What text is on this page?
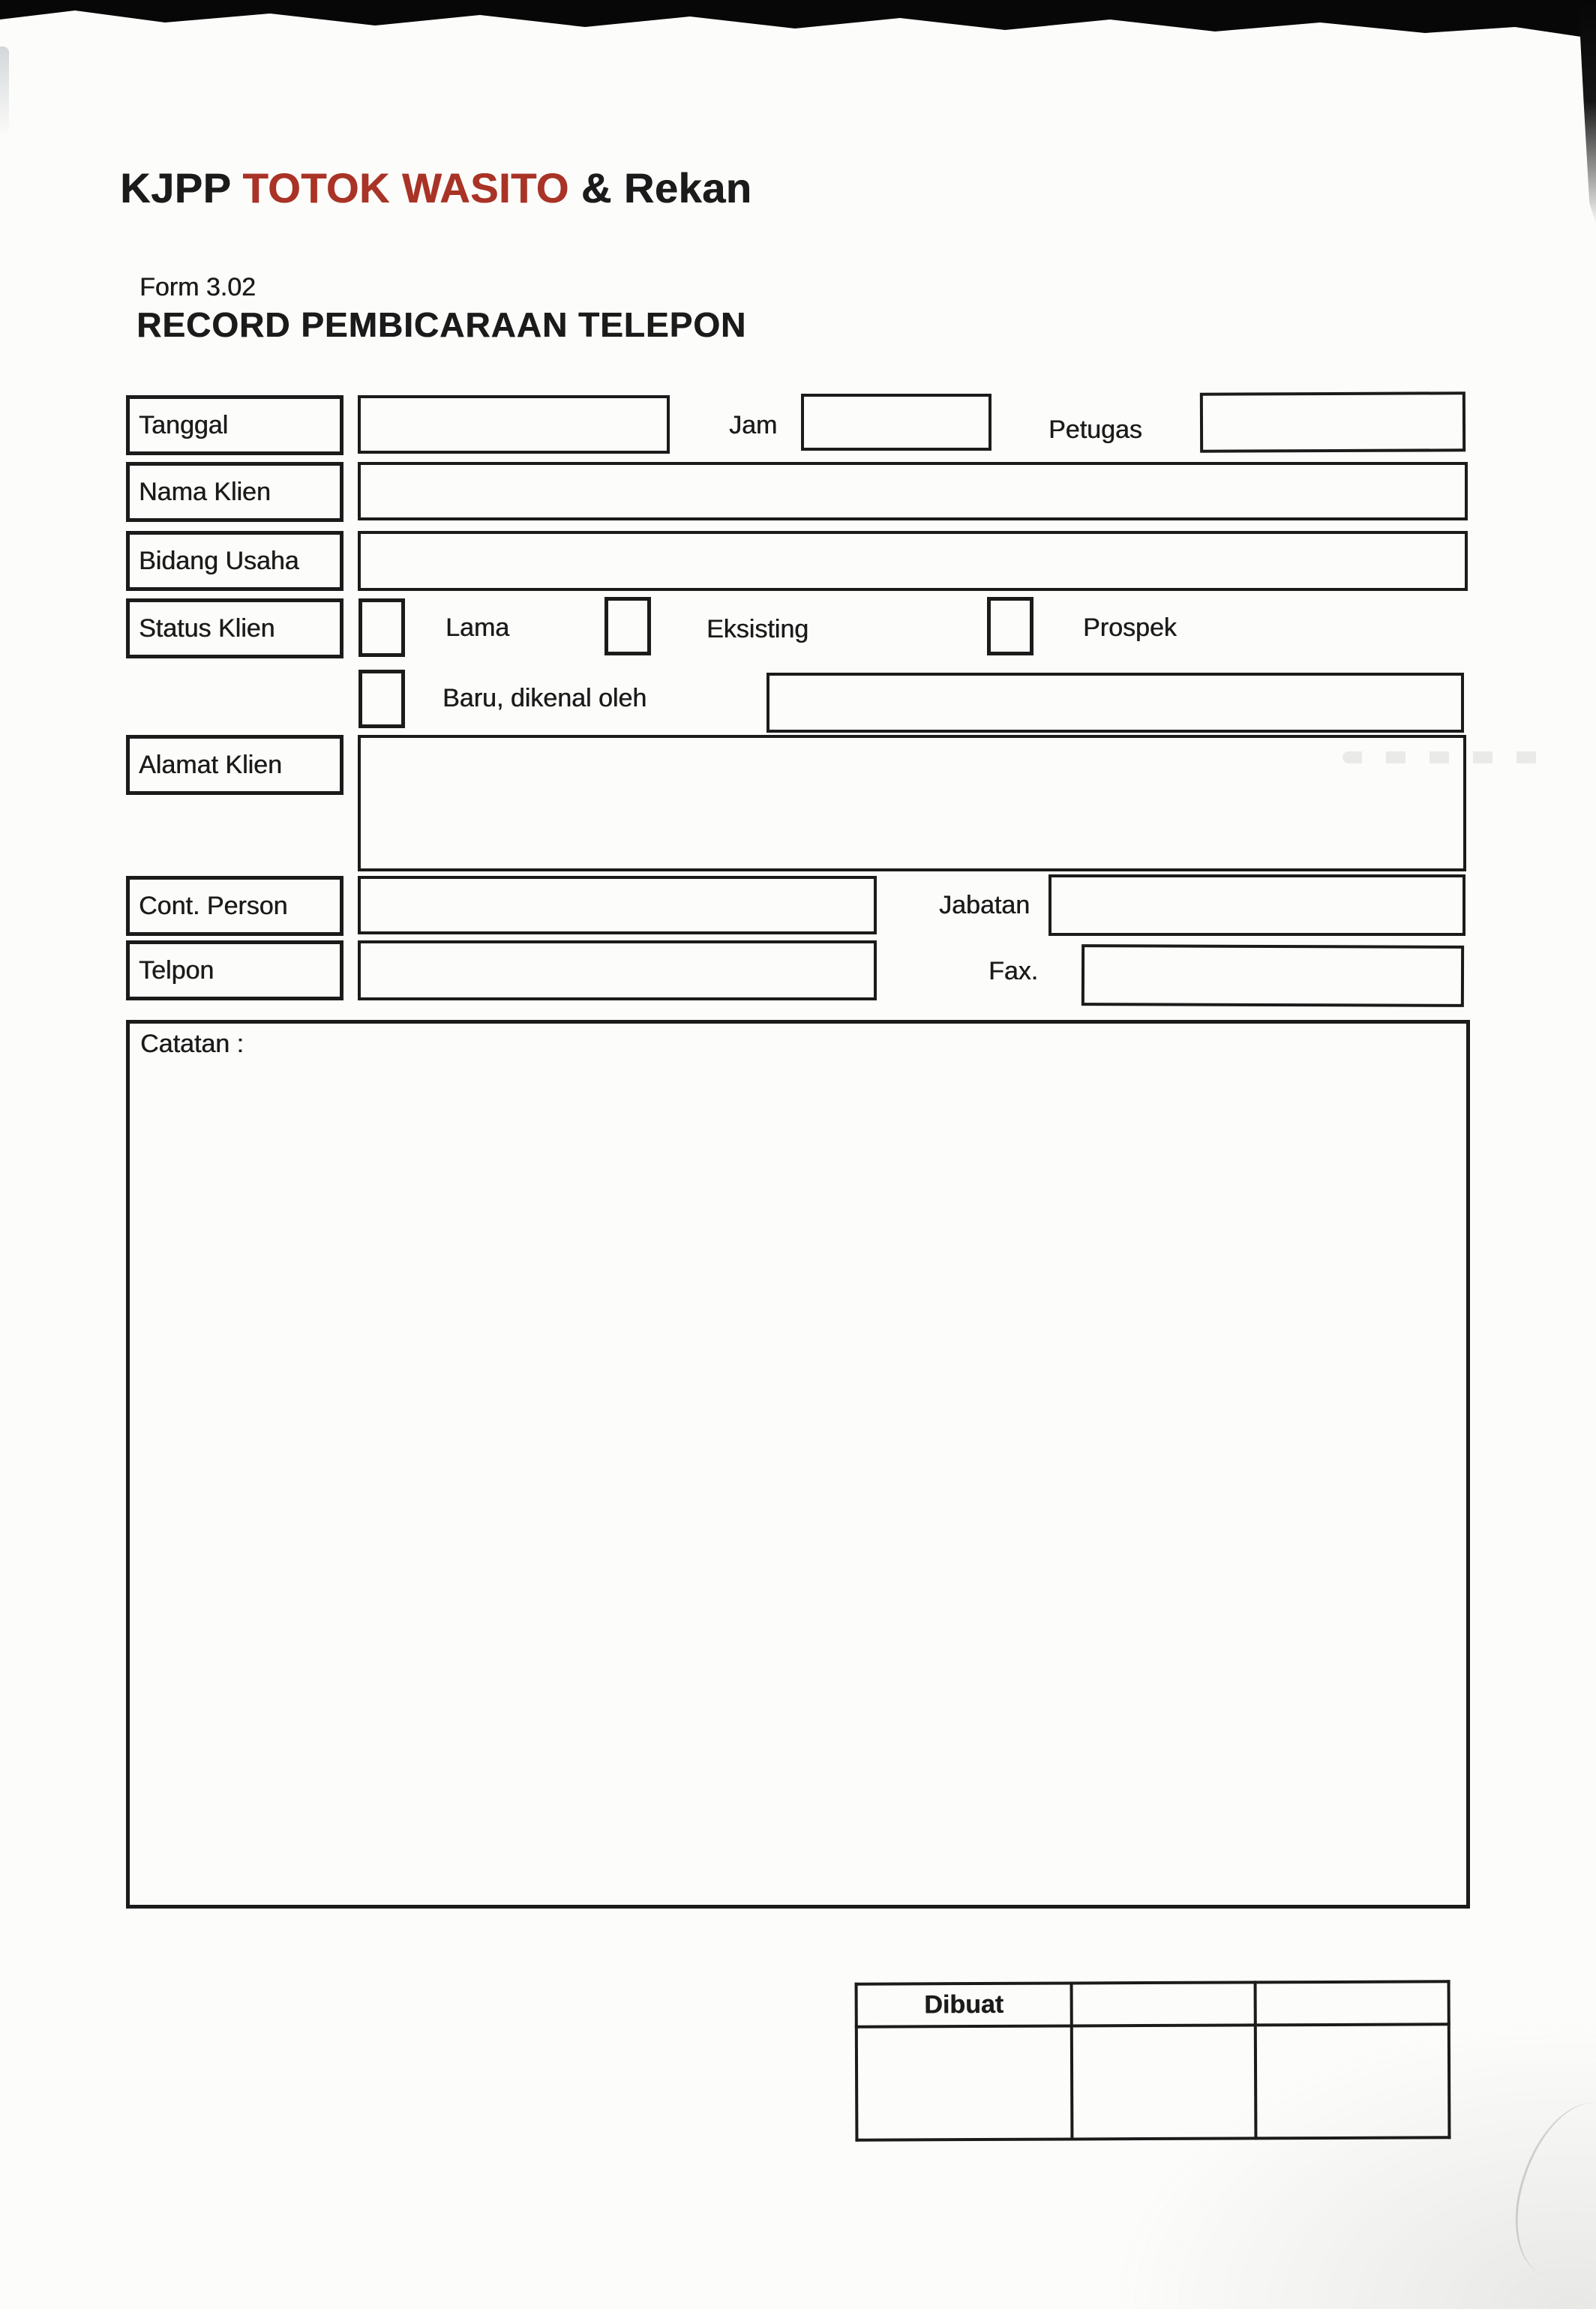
KJPP TOTOK WASITO & Rekan
Form 3.02
RECORD PEMBICARAAN TELEPON
Tanggal	Jam	Petugas
Nama Klien
Bidang Usaha
Status Klien	Lama	Eksisting	Prospek
Baru, dikenal oleh
Alamat Klien
Cont. Person	Jabatan
Telpon	Fax.
Catatan :
Dibuat		
